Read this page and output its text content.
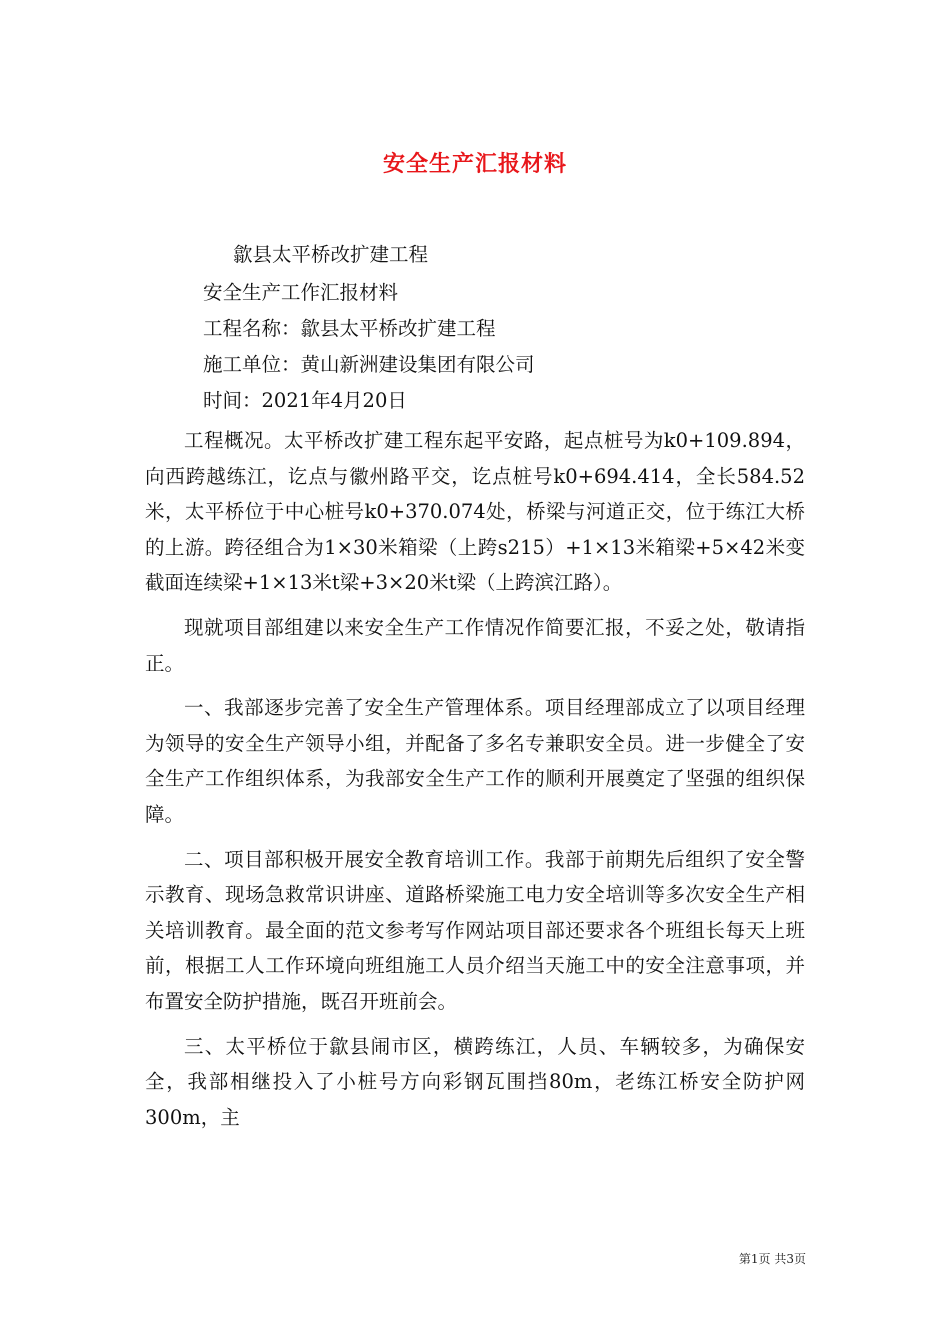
安全生产汇报材料
歙县太平桥改扩建工程
安全生产工作汇报材料
工程名称：歙县太平桥改扩建工程
施工单位：黄山新洲建设集团有限公司
时间：2021年4月20日

工程概况。太平桥改扩建工程东起平安路，起点桩号为k0+109.894，向西跨越练江，讫点与徽州路平交，讫点桩号k0+694.414，全长584.52米，太平桥位于中心桩号k0+370.074处，桥梁与河道正交，位于练江大桥的上游。跨径组合为1×30米箱梁（上跨s215）+1×13米箱梁+5×42米变截面连续梁+1×13米t梁+3×20米t梁（上跨滨江路）。

现就项目部组建以来安全生产工作情况作简要汇报，不妥之处，敬请指正。

一、我部逐步完善了安全生产管理体系。项目经理部成立了以项目经理为领导的安全生产领导小组，并配备了多名专兼职安全员。进一步健全了安全生产工作组织体系，为我部安全生产工作的顺利开展奠定了坚强的组织保障。

二、项目部积极开展安全教育培训工作。我部于前期先后组织了安全警示教育、现场急救常识讲座、道路桥梁施工电力安全培训等多次安全生产相关培训教育。最全面的范文参考写作网站项目部还要求各个班组长每天上班前，根据工人工作环境向班组施工人员介绍当天施工中的安全注意事项，并布置安全防护措施，既召开班前会。

三、太平桥位于歙县闹市区，横跨练江，人员、车辆较多，为确保安全，我部相继投入了小桩号方向彩钢瓦围挡80m，老练江桥安全防护网300m，主

第1页 共3页
